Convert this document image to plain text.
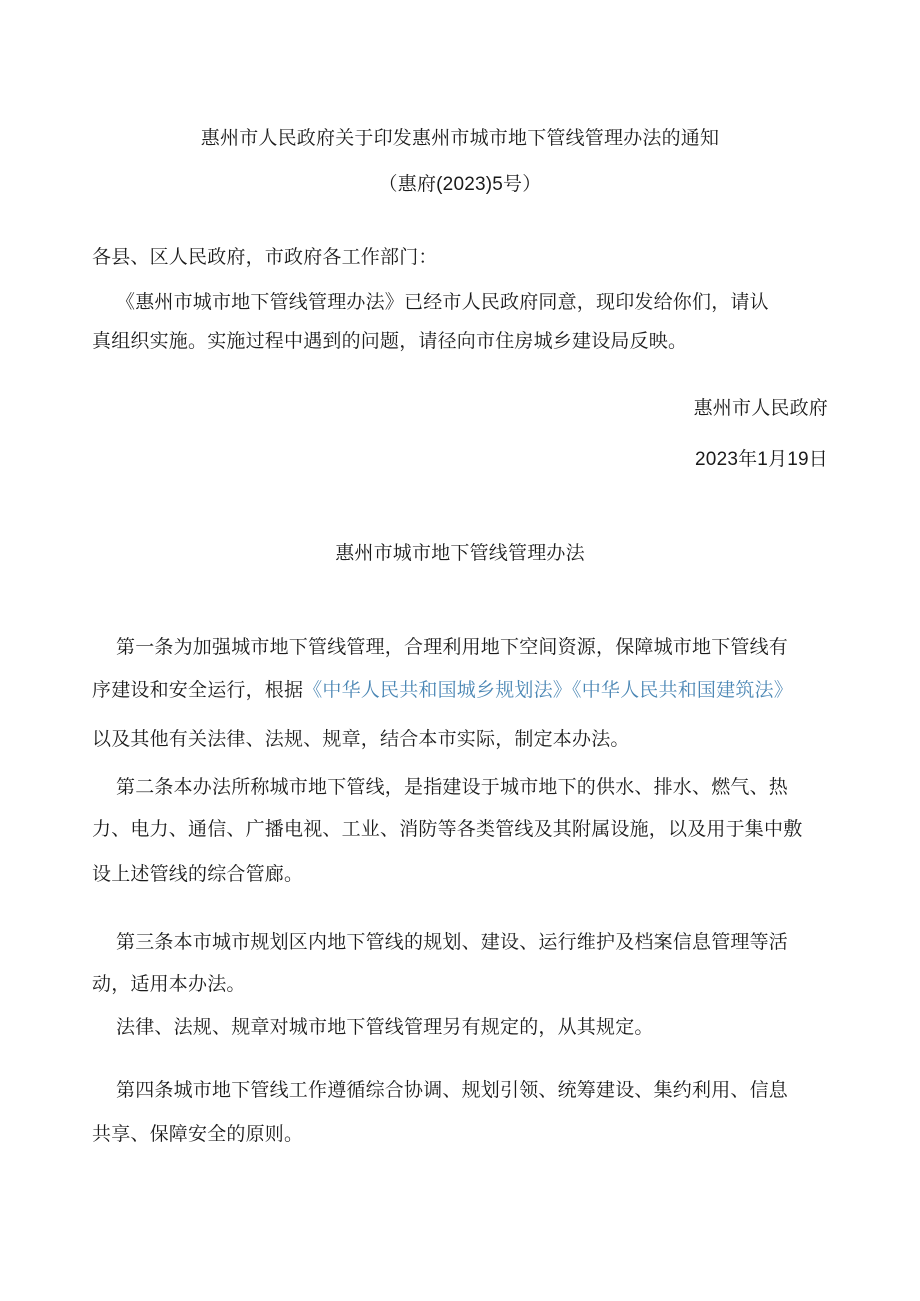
惠州市人民政府关于印发惠州市城市地下管线管理办法的通知
（惠府(2023)5号）
各县、区人民政府，市政府各工作部门：
《惠州市城市地下管线管理办法》已经市人民政府同意，现印发给你们，请认
真组织实施。实施过程中遇到的问题，请径向市住房城乡建设局反映。
惠州市人民政府
2023年1月19日
惠州市城市地下管线管理办法
第一条为加强城市地下管线管理，合理利用地下空间资源，保障城市地下管线有
序建设和安全运行，根据《中华人民共和国城乡规划法》《中华人民共和国建筑法》
以及其他有关法律、法规、规章，结合本市实际，制定本办法。
第二条本办法所称城市地下管线，是指建设于城市地下的供水、排水、燃气、热
力、电力、通信、广播电视、工业、消防等各类管线及其附属设施，以及用于集中敷
设上述管线的综合管廊。
第三条本市城市规划区内地下管线的规划、建设、运行维护及档案信息管理等活
动，适用本办法。
法律、法规、规章对城市地下管线管理另有规定的，从其规定。
第四条城市地下管线工作遵循综合协调、规划引领、统筹建设、集约利用、信息
共享、保障安全的原则。
